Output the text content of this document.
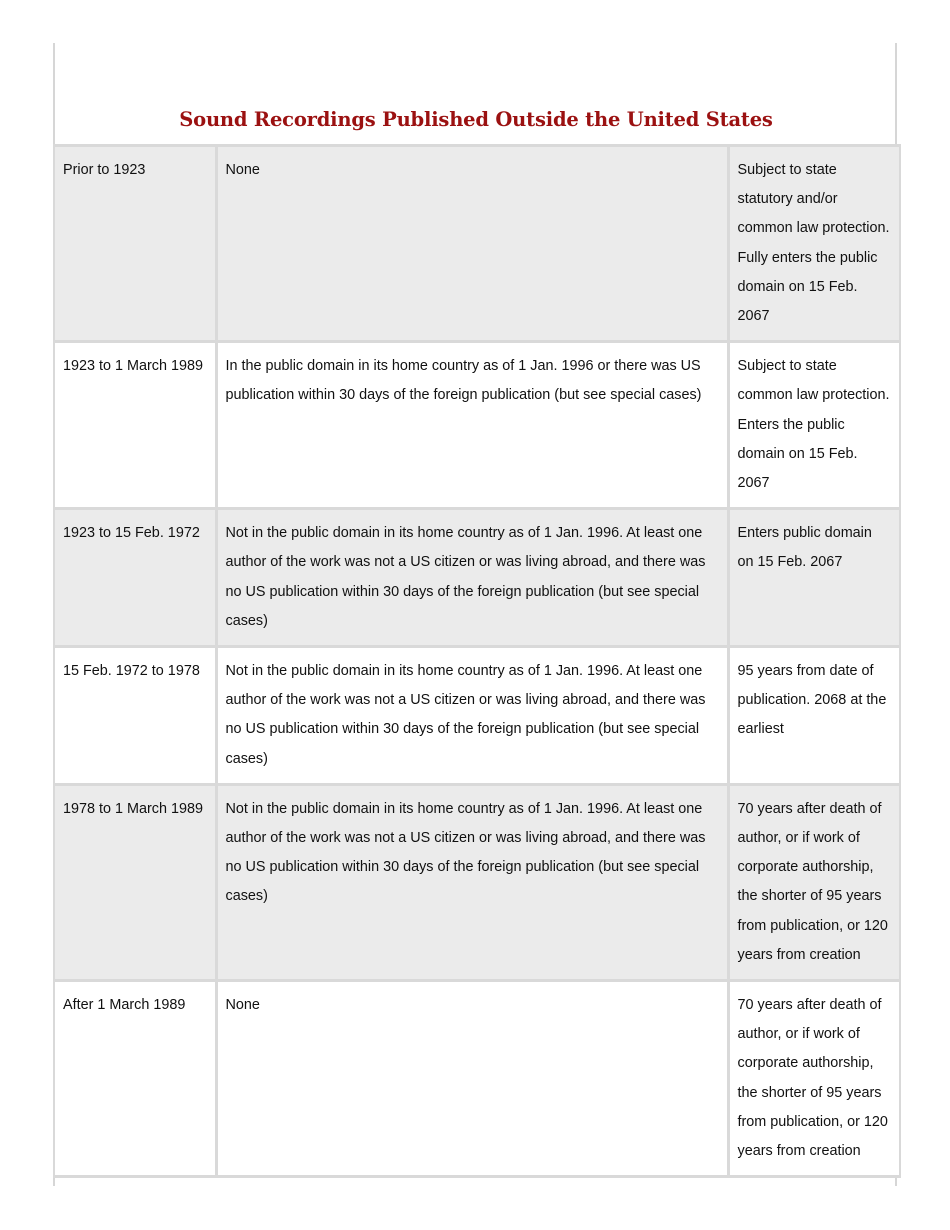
Sound Recordings Published Outside the United States
Prior to 1923	None	Subject to state statutory and/or common law protection. Fully enters the public domain on 15 Feb. 2067
1923 to 1 March 1989	In the public domain in its home country as of 1 Jan. 1996 or there was US publication within 30 days of the foreign publication (but see special cases)	Subject to state common law protection. Enters the public domain on 15 Feb. 2067
1923 to 15 Feb. 1972	Not in the public domain in its home country as of 1 Jan. 1996. At least one author of the work was not a US citizen or was living abroad, and there was no US publication within 30 days of the foreign publication (but see special cases)	Enters public domain on 15 Feb. 2067
15 Feb. 1972 to 1978	Not in the public domain in its home country as of 1 Jan. 1996. At least one author of the work was not a US citizen or was living abroad, and there was no US publication within 30 days of the foreign publication (but see special cases)	95 years from date of publication. 2068 at the earliest
1978 to 1 March 1989	Not in the public domain in its home country as of 1 Jan. 1996. At least one author of the work was not a US citizen or was living abroad, and there was no US publication within 30 days of the foreign publication (but see special cases)	70 years after death of author, or if work of corporate authorship, the shorter of 95 years from publication, or 120 years from creation
After 1 March 1989	None	70 years after death of author, or if work of corporate authorship, the shorter of 95 years from publication, or 120 years from creation
